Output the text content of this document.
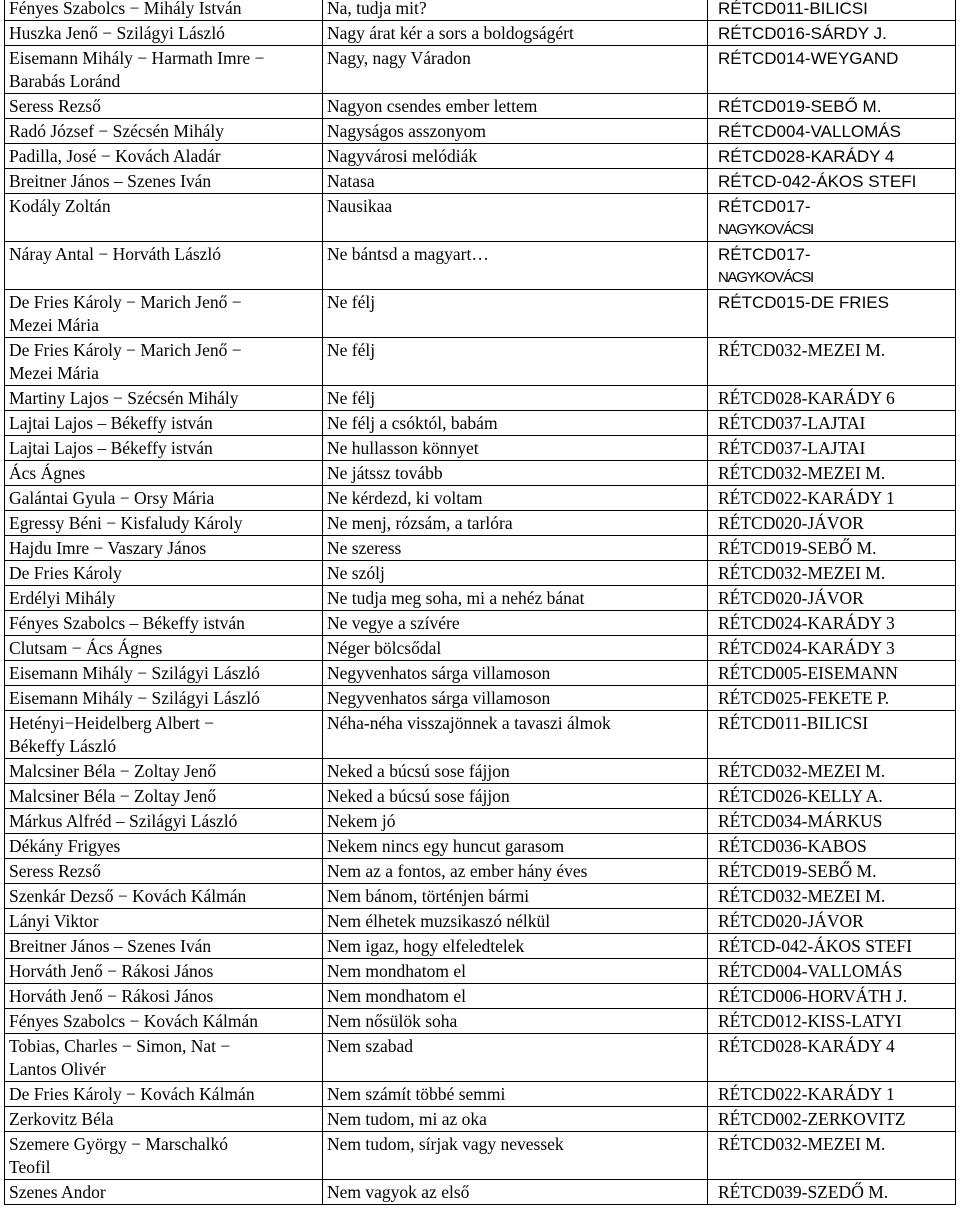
Fényes Szabolcs − Mihály István	Na, tudja mit?	RÉTCD011-BILICSI

Huszka Jenő − Szilágyi László	Nagy árat kér a sors a boldogságért	RÉTCD016-SÁRDY J.

Eisemann Mihály − Harmath Imre −
Barabás Loránd	Nagy, nagy Váradon	RÉTCD014-WEYGAND

Seress Rezső	Nagyon csendes ember lettem	RÉTCD019-SEBŐ M.

Radó József − Szécsén Mihály	Nagyságos asszonyom	RÉTCD004-VALLOMÁS

Padilla, José − Kovách Aladár	Nagyvárosi melódiák	RÉTCD028-KARÁDY 4

Breitner János – Szenes Iván	Natasa	RÉTCD-042-ÁKOS STEFI

Kodály Zoltán	Nausikaa	RÉTCD017-
NAGYKOVÁCSI

Náray Antal − Horváth László	Ne bántsd a magyart…	RÉTCD017-
NAGYKOVÁCSI

De Fries Károly − Marich Jenő −
Mezei Mária	Ne félj	RÉTCD015-DE FRIES

De Fries Károly − Marich Jenő −
Mezei Mária	Ne félj	RÉTCD032-MEZEI M.

Martiny Lajos − Szécsén Mihály	Ne félj	RÉTCD028-KARÁDY 6

Lajtai Lajos – Békeffy istván	Ne félj a csóktól, babám	RÉTCD037-LAJTAI

Lajtai Lajos – Békeffy istván	Ne hullasson könnyet	RÉTCD037-LAJTAI

Ács Ágnes	Ne játssz tovább	RÉTCD032-MEZEI M.

Galántai Gyula − Orsy Mária	Ne kérdezd, ki voltam	RÉTCD022-KARÁDY 1

Egressy Béni − Kisfaludy Károly	Ne menj, rózsám, a tarlóra	RÉTCD020-JÁVOR

Hajdu Imre − Vaszary János	Ne szeress	RÉTCD019-SEBŐ M.

De Fries Károly	Ne szólj	RÉTCD032-MEZEI M.

Erdélyi Mihály	Ne tudja meg soha, mi a nehéz bánat	RÉTCD020-JÁVOR

Fényes Szabolcs – Békeffy istván	Ne vegye a szívére	RÉTCD024-KARÁDY 3

Clutsam − Ács Ágnes	Néger bölcsődal	RÉTCD024-KARÁDY 3

Eisemann Mihály − Szilágyi László	Negyvenhatos sárga villamoson	RÉTCD005-EISEMANN

Eisemann Mihály − Szilágyi László	Negyvenhatos sárga villamoson	RÉTCD025-FEKETE P.

Hetényi−Heidelberg Albert −
Békeffy László	Néha-néha visszajönnek a tavaszi álmok	RÉTCD011-BILICSI

Malcsiner Béla − Zoltay Jenő	Neked a búcsú sose fájjon	RÉTCD032-MEZEI M.

Malcsiner Béla − Zoltay Jenő	Neked a búcsú sose fájjon	RÉTCD026-KELLY A.

Márkus Alfréd – Szilágyi László	Nekem jó	RÉTCD034-MÁRKUS

Dékány Frigyes	Nekem nincs egy huncut garasom	RÉTCD036-KABOS

Seress Rezső	Nem az a fontos, az ember hány éves	RÉTCD019-SEBŐ M.

Szenkár Dezső − Kovách Kálmán	Nem bánom, történjen bármi	RÉTCD032-MEZEI M.

Lányi Viktor	Nem élhetek muzsikaszó nélkül	RÉTCD020-JÁVOR

Breitner János – Szenes Iván	Nem igaz, hogy elfeledtelek	RÉTCD-042-ÁKOS STEFI

Horváth Jenő − Rákosi János	Nem mondhatom el	RÉTCD004-VALLOMÁS

Horváth Jenő − Rákosi János	Nem mondhatom el	RÉTCD006-HORVÁTH J.

Fényes Szabolcs − Kovách Kálmán	Nem nősülök soha	RÉTCD012-KISS-LATYI

Tobias, Charles − Simon, Nat −
Lantos Olivér	Nem szabad	RÉTCD028-KARÁDY 4

De Fries Károly − Kovách Kálmán	Nem számít többé semmi	RÉTCD022-KARÁDY 1

Zerkovitz Béla	Nem tudom, mi az oka	RÉTCD002-ZERKOVITZ

Szemere György − Marschalkó
Teofil	Nem tudom, sírjak vagy nevessek	RÉTCD032-MEZEI M.

Szenes Andor	Nem vagyok az első	RÉTCD039-SZEDŐ M.
